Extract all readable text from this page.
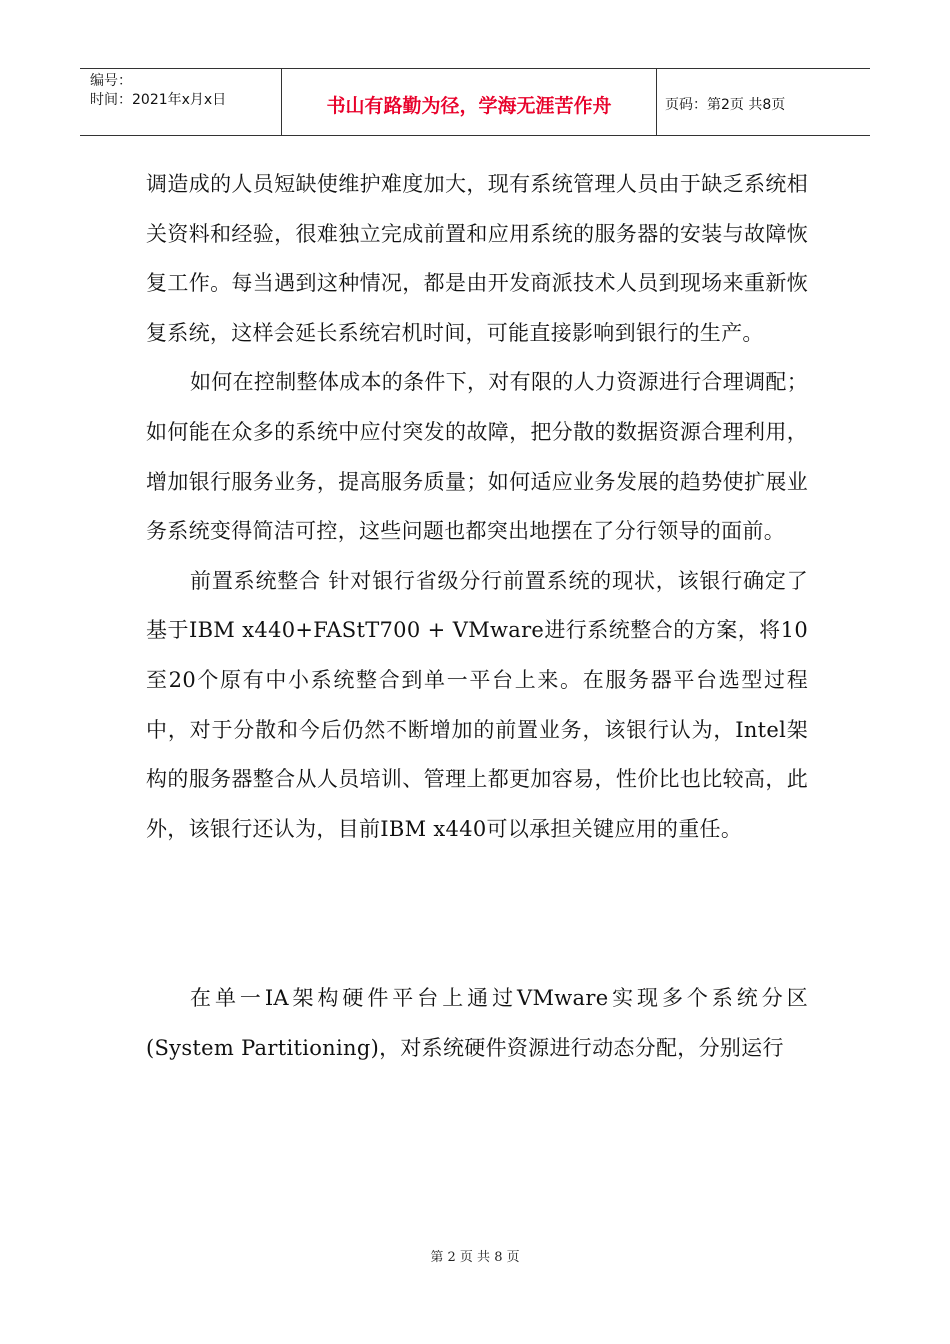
编号：
时间：2021年x月x日	书山有路勤为径，学海无涯苦作舟	页码：第2页 共8页

调造成的人员短缺使维护难度加大，现有系统管理人员由于缺乏系统相关资料和经验，很难独立完成前置和应用系统的服务器的安装与故障恢复工作。每当遇到这种情况，都是由开发商派技术人员到现场来重新恢复系统，这样会延长系统宕机时间，可能直接影响到银行的生产。

如何在控制整体成本的条件下，对有限的人力资源进行合理调配；如何能在众多的系统中应付突发的故障，把分散的数据资源合理利用，增加银行服务业务，提高服务质量；如何适应业务发展的趋势使扩展业务系统变得简洁可控，这些问题也都突出地摆在了分行领导的面前。

前置系统整合 针对银行省级分行前置系统的现状，该银行确定了基于IBM x440+FAStT700 + VMware进行系统整合的方案，将10至20个原有中小系统整合到单一平台上来。在服务器平台选型过程中，对于分散和今后仍然不断增加的前置业务，该银行认为，Intel架构的服务器整合从人员培训、管理上都更加容易，性价比也比较高，此外，该银行还认为，目前IBM x440可以承担关键应用的重任。

在单一IA架构硬件平台上通过VMware实现多个系统分区(System Partitioning)，对系统硬件资源进行动态分配，分别运行

第 2 页 共 8 页
